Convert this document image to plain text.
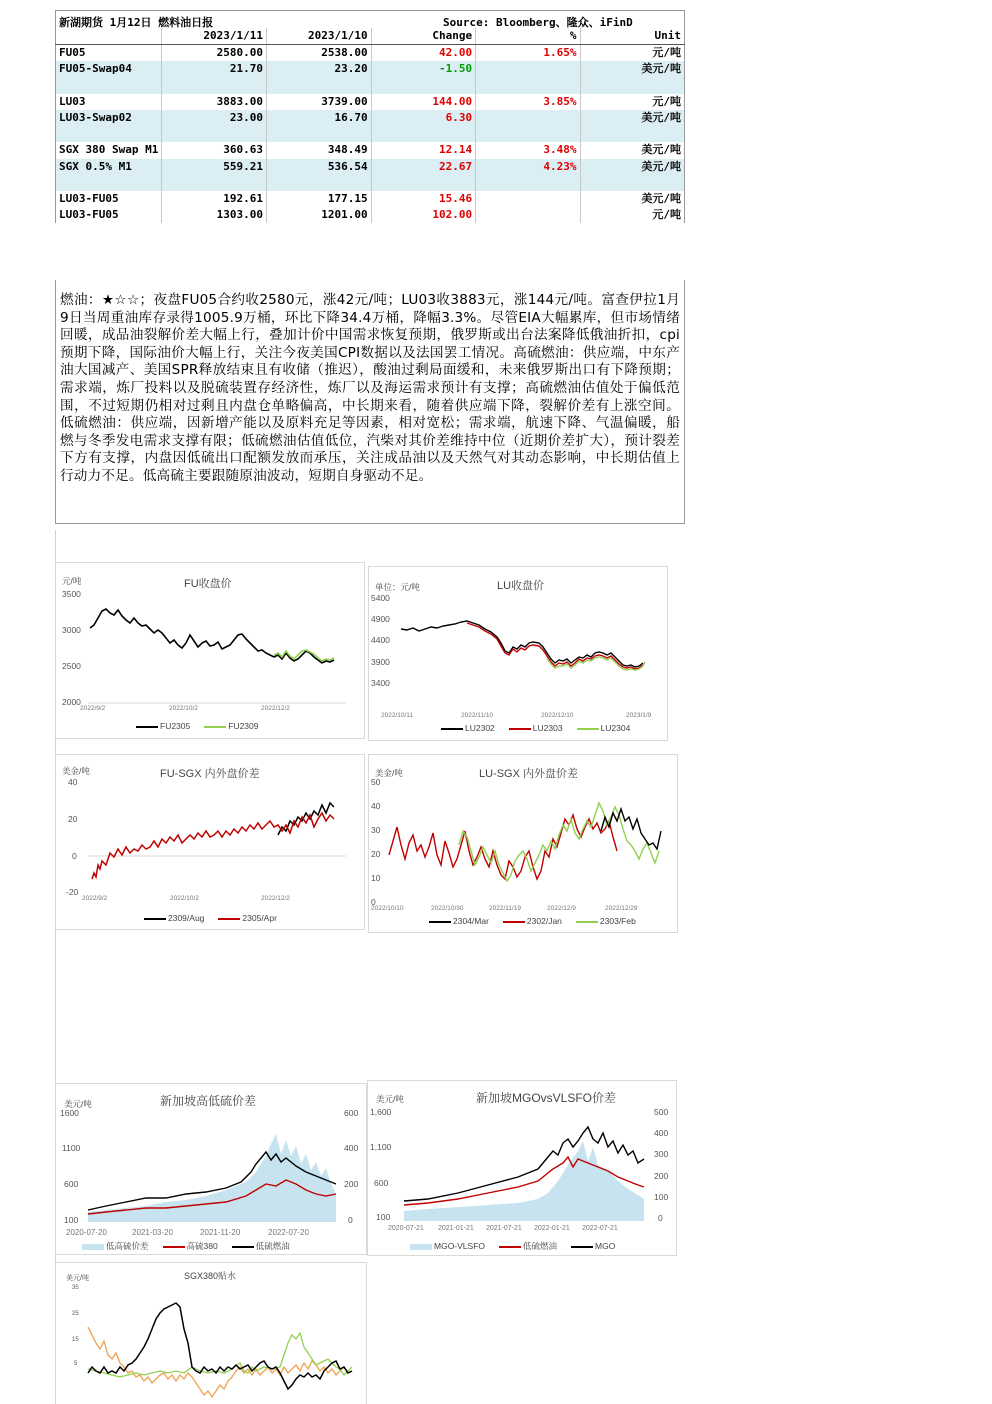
新湖期货 1月12日 燃料油日报	Source: Bloomberg、隆众、iFinD
	2023/1/11	2023/1/10	Change	%	Unit
FU05	2580.00	2538.00	42.00	1.65%	元/吨
FU05-Swap04	21.70	23.20	-1.50		美元/吨

LU03	3883.00	3739.00	144.00	3.85%	元/吨
LU03-Swap02	23.00	16.70	6.30		美元/吨

SGX 380 Swap M1	360.63	348.49	12.14	3.48%	美元/吨
SGX 0.5% M1	559.21	536.54	22.67	4.23%	美元/吨

LU03-FU05	192.61	177.15	15.46		美元/吨
LU03-FU05	1303.00	1201.00	102.00		元/吨

燃油：★☆☆；夜盘FU05合约收2580元，涨42元/吨；LU03收3883元，涨144元/吨。富查伊拉1月9日当周重油库存录得1005.9万桶，环比下降34.4万桶，降幅3.3%。尽管EIA大幅累库，但市场情绪回暖，成品油裂解价差大幅上行，叠加计价中国需求恢复预期，俄罗斯或出台法案降低俄油折扣，cpi预期下降，国际油价大幅上行，关注今夜美国CPI数据以及法国罢工情况。高硫燃油：供应端，中东产油大国减产、美国SPR释放结束且有收储（推迟），酸油过剩局面缓和，未来俄罗斯出口有下降预期；需求端，炼厂投料以及脱硫装置存经济性，炼厂以及海运需求预计有支撑；高硫燃油估值处于偏低范围，不过短期仍相对过剩且内盘仓单略偏高，中长期来看，随着供应端下降，裂解价差有上涨空间。低硫燃油：供应端，因新增产能以及原料充足等因素，相对宽松；需求端，航速下降、气温偏暖，船燃与冬季发电需求支撑有限；低硫燃油估值低位，汽柴对其价差维持中位（近期价差扩大），预计裂差下方有支撑，内盘因低硫出口配额发放而承压，关注成品油以及天然气对其动态影响，中长期估值上行动力不足。低高硫主要跟随原油波动，短期自身驱动不足。

FU收盘价
元/吨
3500
3000
2500
2000
2022/9/2	2022/10/2	2022/12/2
FU2305	FU2309
LU收盘价
单位：元/吨
5400
4900
4400
3900
3400
2022/10/11	2022/11/10	2022/12/10	2023/1/9
LU2302	LU2303	LU2304
FU-SGX 内外盘价差
美金/吨
40
20
0
-20
2022/9/2	2022/10/2	2022/12/2
2309/Aug	2305/Apr
LU-SGX 内外盘价差
美金/吨
50
40
30
20
10
0
2022/10/10	2022/10/30	2022/11/19	2022/12/9	2022/12/29
2304/Mar	2302/Jan	2303/Feb
新加坡高低硫价差
美元/吨
1600
1100
600
100
600
400
200
0
2020-07-20	2021-03-20	2021-11-20	2022-07-20
低高硫价差	高硫380	低硫燃油
新加坡MGOvsVLSFO价差
美元/吨
1,600
1,100
600
100
500
400
300
200
100
0
2020-07-21 2021-01-21 2021-07-21 2022-01-21 2022-07-21
MGO-VLSFO	低硫燃油	MGO
SGX380贴水
美元/吨
35
25
15
5
